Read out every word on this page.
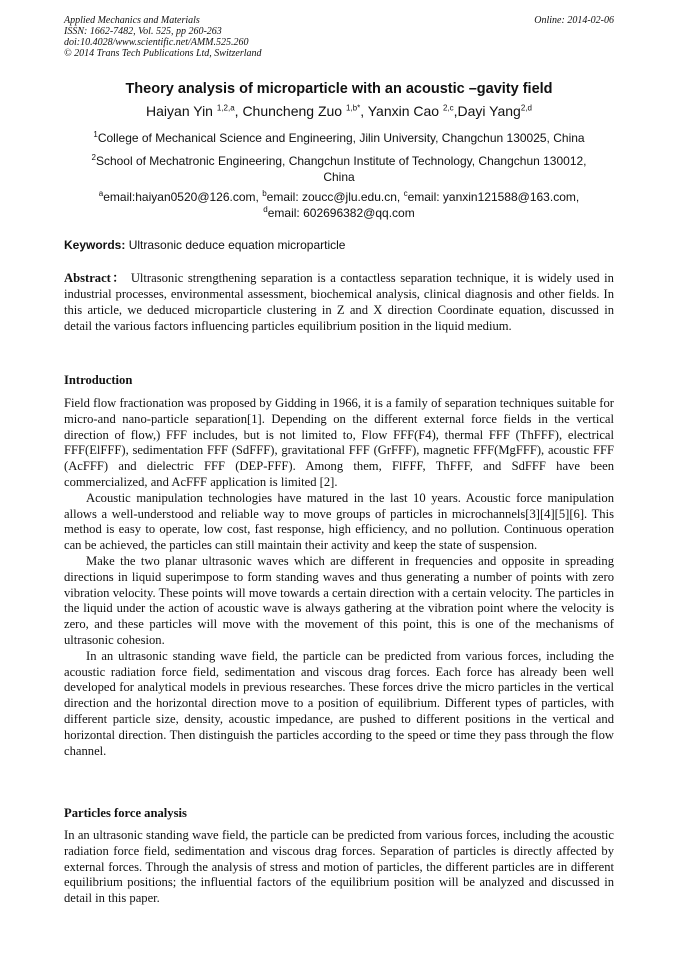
Applied Mechanics and Materials
ISSN: 1662-7482, Vol. 525, pp 260-263
doi:10.4028/www.scientific.net/AMM.525.260
© 2014 Trans Tech Publications Ltd, Switzerland
Online: 2014-02-06
Theory analysis of microparticle with an acoustic –gavity field
Haiyan Yin $^{1,2,a}$, Chuncheng Zuo $^{1,b*}$, Yanxin Cao $^{2,c}$,Dayi Yang$^{2,d}$
$^1$College of Mechanical Science and Engineering, Jilin University, Changchun 130025, China
$^2$School of Mechatronic Engineering, Changchun Institute of Technology, Changchun 130012,
China
$^a$email:haiyan0520@126.com, $^b$email: zoucc@jlu.edu.cn, $^c$email: yanxin121588@163.com,
$^d$email: 602696382@qq.com
Keywords: Ultrasonic deduce equation microparticle
Abstract： Ultrasonic strengthening separation is a contactless separation technique, it is widely used in industrial processes, environmental assessment, biochemical analysis, clinical diagnosis and other fields. In this article, we deduced microparticle clustering in Z and X direction Coordinate equation, discussed in detail the various factors influencing particles equilibrium position in the liquid medium.
Introduction

Field flow fractionation was proposed by Gidding in 1966, it is a family of separation techniques suitable for micro-and nano-particle separation[1]. Depending on the different external force fields in the vertical direction of flow,) FFF includes, but is not limited to, Flow FFF(F4), thermal FFF (ThFFF), electrical FFF(ElFFF), sedimentation FFF (SdFFF), gravitational FFF (GrFFF), magnetic FFF(MgFFF), acoustic FFF (AcFFF) and dielectric FFF (DEP-FFF). Among them, FlFFF, ThFFF, and SdFFF have been commercialized, and AcFFF application is limited [2].

Acoustic manipulation technologies have matured in the last 10 years. Acoustic force manipulation allows a well-understood and reliable way to move groups of particles in microchannels[3][4][5][6]. This method is easy to operate, low cost, fast response, high efficiency, and no pollution. Continuous operation can be achieved, the particles can still maintain their activity and keep the state of suspension.

Make the two planar ultrasonic waves which are different in frequencies and opposite in spreading directions in liquid superimpose to form standing waves and thus generating a number of points with zero vibration velocity. These points will move towards a certain direction with a certain velocity. The particles in the liquid under the action of acoustic wave is always gathering at the vibration point where the velocity is zero, and these particles will move with the movement of this point, this is one of the mechanisms of ultrasonic cohesion.

In an ultrasonic standing wave field, the particle can be predicted from various forces, including the acoustic radiation force field, sedimentation and viscous drag forces. Each force has already been well developed for analytical models in previous researches. These forces drive the micro particles in the vertical direction and the horizontal direction move to a position of equilibrium. Different types of particles, with different particle size, density, acoustic impedance, are pushed to different positions in the vertical and horizontal direction. Then distinguish the particles according to the speed or time they pass through the flow channel.

Particles force analysis

In an ultrasonic standing wave field, the particle can be predicted from various forces, including the acoustic radiation force field, sedimentation and viscous drag forces. Separation of particles is directly affected by external forces. Through the analysis of stress and motion of particles, the different particles are in different equilibrium positions; the influential factors of the equilibrium position will be analyzed and discussed in detail in this paper.
